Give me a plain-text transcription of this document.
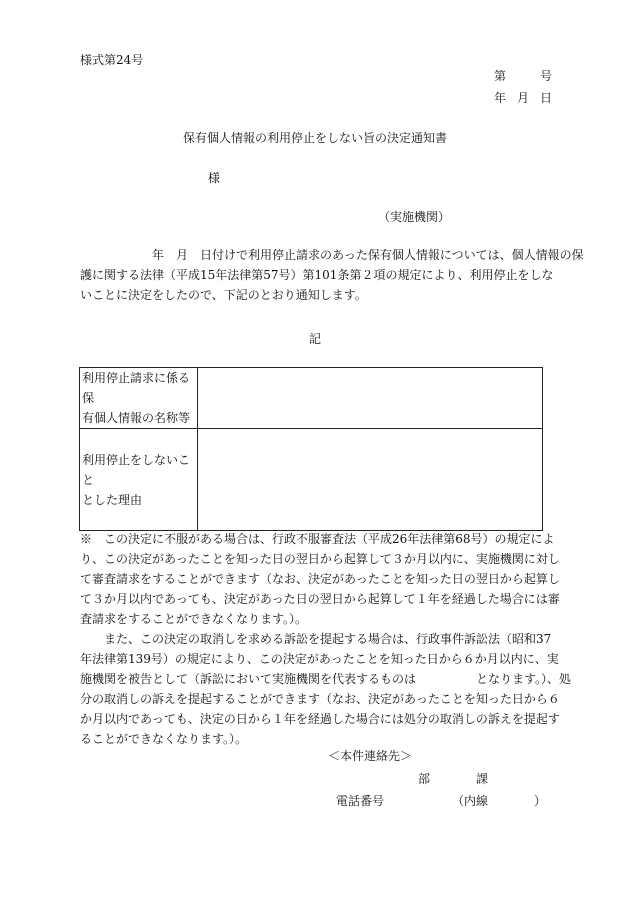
様式第24号
第	号
年 月 日
保有個人情報の利用停止をしない旨の決定通知書
様
（実施機関）

　　　　　　年　月　日付けで利用停止請求のあった保有個人情報については、個人情報の保

護に関する法律（平成15年法律第57号）第101条第２項の規定により、利用停止をしな

いことに決定をしたので、下記のとおり通知します。

記
利用停止請求に係る保
有個人情報の名称等	

利用停止をしないこと
とした理由	

※　この決定に不服がある場合は、行政不服審査法（平成26年法律第68号）の規定によ

り、この決定があったことを知った日の翌日から起算して３か月以内に、実施機関に対し

て審査請求をすることができます（なお、決定があったことを知った日の翌日から起算し

て３か月以内であっても、決定があった日の翌日から起算して１年を経過した場合には審

査請求をすることができなくなります。）。

　　また、この決定の取消しを求める訴訟を提起する場合は、行政事件訴訟法（昭和37

年法律第139号）の規定により、この決定があったことを知った日から６か月以内に、実

施機関を被告として（訴訟において実施機関を代表するものは　　　　　となります。）、処

分の取消しの訴えを提起することができます（なお、決定があったことを知った日から６

か月以内であっても、決定の日から１年を経過した場合には処分の取消しの訴えを提起す

ることができなくなります。）。

＜本件連絡先＞
部	課
電話番号	（内線	）
